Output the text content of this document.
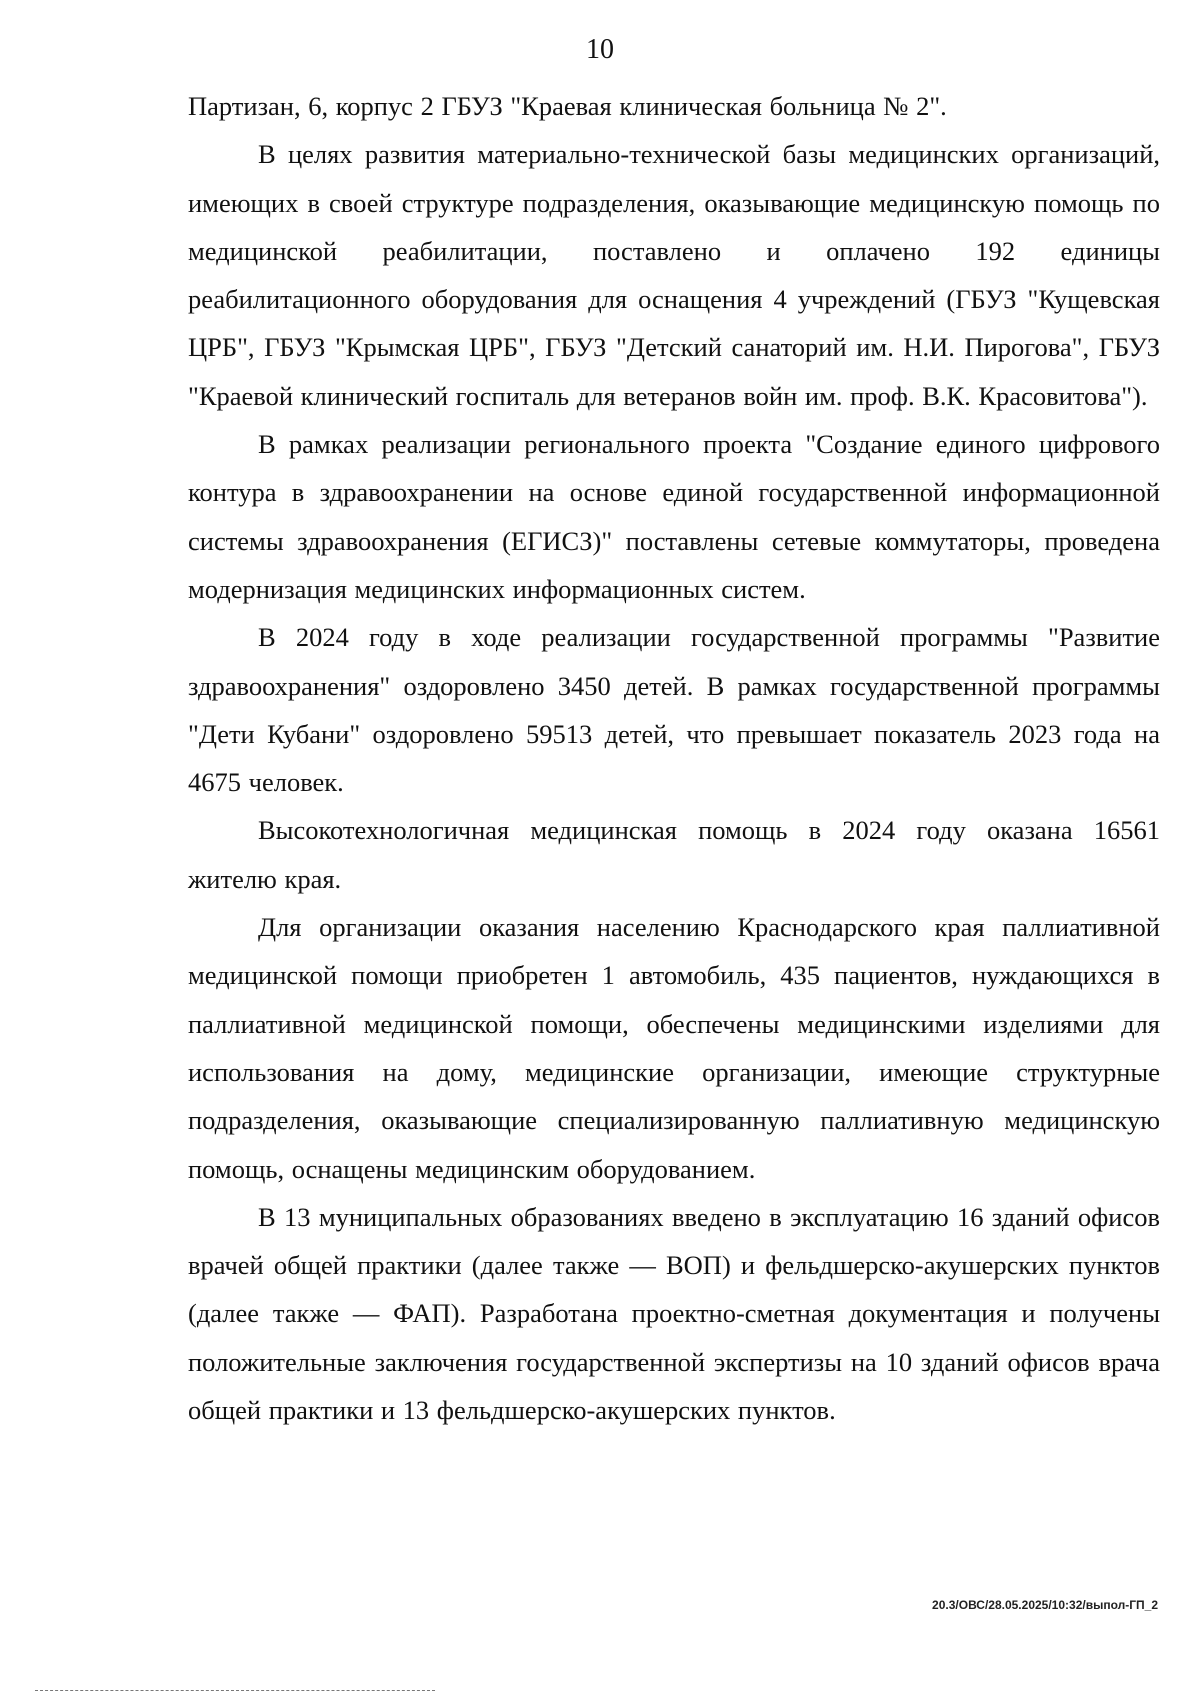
10

Партизан, 6, корпус 2 ГБУЗ "Краевая клиническая больница № 2".

В целях развития материально-технической базы медицинских организаций, имеющих в своей структуре подразделения, оказывающие медицинскую помощь по медицинской реабилитации, поставлено и оплачено 192 единицы реабилитационного оборудования для оснащения 4 учреждений (ГБУЗ "Кущевская ЦРБ", ГБУЗ "Крымская ЦРБ", ГБУЗ "Детский санаторий им. Н.И. Пирогова", ГБУЗ "Краевой клинический госпиталь для ветеранов войн им. проф. В.К. Красовитова").

В рамках реализации регионального проекта "Создание единого цифрового контура в здравоохранении на основе единой государственной информационной системы здравоохранения (ЕГИСЗ)" поставлены сетевые коммутаторы, проведена модернизация медицинских информационных систем.

В 2024 году в ходе реализации государственной программы "Развитие здравоохранения" оздоровлено 3450 детей. В рамках государственной программы "Дети Кубани" оздоровлено 59513 детей, что превышает показатель 2023 года на 4675 человек.

Высокотехнологичная медицинская помощь в 2024 году оказана 16561 жителю края.

Для организации оказания населению Краснодарского края паллиативной медицинской помощи приобретен 1 автомобиль, 435 пациентов, нуждающихся в паллиативной медицинской помощи, обеспечены медицинскими изделиями для использования на дому, медицинские организации, имеющие структурные подразделения, оказывающие специализированную паллиативную медицинскую помощь, оснащены медицинским оборудованием.

В 13 муниципальных образованиях введено в эксплуатацию 16 зданий офисов врачей общей практики (далее также — ВОП) и фельдшерско-акушерских пунктов (далее также — ФАП). Разработана проектно-сметная документация и получены положительные заключения государственной экспертизы на 10 зданий офисов врача общей практики и 13 фельдшерско-акушерских пунктов.

20.3/ОВС/28.05.2025/10:32/выпол-ГП_2
